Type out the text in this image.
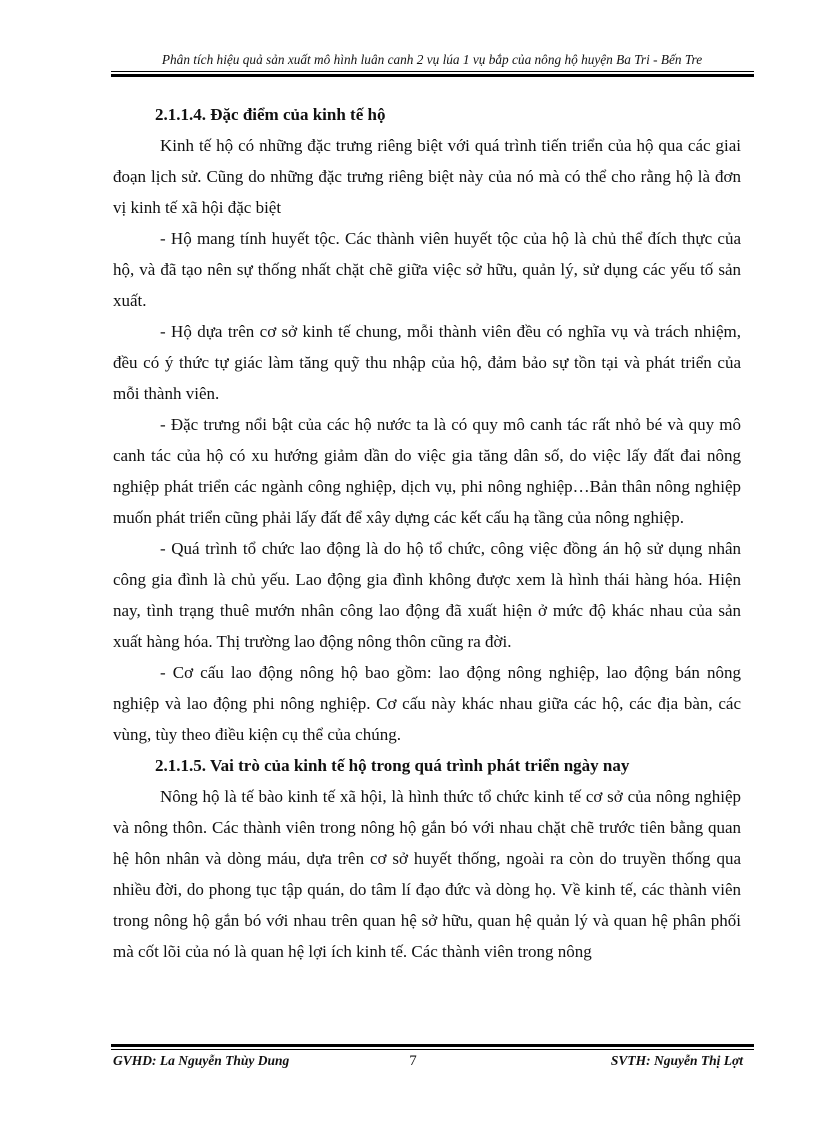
Phân tích hiệu quả sản xuất mô hình luân canh 2 vụ lúa 1 vụ bắp của nông hộ huyện Ba Tri - Bến Tre

2.1.1.4. Đặc điểm của kinh tế hộ

Kinh tế hộ có những đặc trưng riêng biệt với quá trình tiến triển của hộ qua các giai đoạn lịch sử. Cũng do những đặc trưng riêng biệt này của nó mà có thể cho rằng hộ là đơn vị kinh tế xã hội đặc biệt

- Hộ mang tính huyết tộc. Các thành viên huyết tộc của hộ là chủ thể đích thực của hộ, và đã tạo nên sự thống nhất chặt chẽ giữa việc sở hữu, quản lý, sử dụng các yếu tố sản xuất.

- Hộ dựa trên cơ sở kinh tế chung, mỗi thành viên đều có nghĩa vụ và trách nhiệm, đều có ý thức tự giác làm tăng quỹ thu nhập của hộ, đảm bảo sự tồn tại và phát triển của mỗi thành viên.

- Đặc trưng nổi bật của các hộ nước ta là có quy mô canh tác rất nhỏ bé và quy mô canh tác của hộ có xu hướng giảm dần do việc gia tăng dân số, do việc lấy đất đai nông nghiệp phát triển các ngành công nghiệp, dịch vụ, phi nông nghiệp…Bản thân nông nghiệp muốn phát triển cũng phải lấy đất để xây dựng các kết cấu hạ tầng của nông nghiệp.

- Quá trình tổ chức lao động là do hộ tổ chức, công việc đồng án hộ sử dụng nhân công gia đình là chủ yếu. Lao động gia đình không được xem là hình thái hàng hóa. Hiện nay, tình trạng thuê mướn nhân công lao động đã xuất hiện ở mức độ khác nhau của sản xuất hàng hóa. Thị trường lao động nông thôn cũng ra đời.

- Cơ cấu lao động nông hộ bao gồm: lao động nông nghiệp, lao động bán nông nghiệp và lao động phi nông nghiệp. Cơ cấu này khác nhau giữa các hộ, các địa bàn, các vùng, tùy theo điều kiện cụ thể của chúng.

2.1.1.5. Vai trò của kinh tế hộ trong quá trình phát triển ngày nay

Nông hộ là tế bào kinh tế xã hội, là hình thức tổ chức kinh tế cơ sở của nông nghiệp và nông thôn. Các thành viên trong nông hộ gắn bó với nhau chặt chẽ trước tiên bằng quan hệ hôn nhân và dòng máu, dựa trên cơ sở huyết thống, ngoài ra còn do truyền thống qua nhiều đời, do phong tục tập quán, do tâm lí đạo đức và dòng họ. Về kinh tế, các thành viên trong nông hộ gắn bó với nhau trên quan hệ sở hữu, quan hệ quản lý và quan hệ phân phối mà cốt lõi của nó là quan hệ lợi ích kinh tế. Các thành viên trong nông

GVHD: La Nguyễn Thùy Dung	7	SVTH: Nguyễn Thị Lợt
